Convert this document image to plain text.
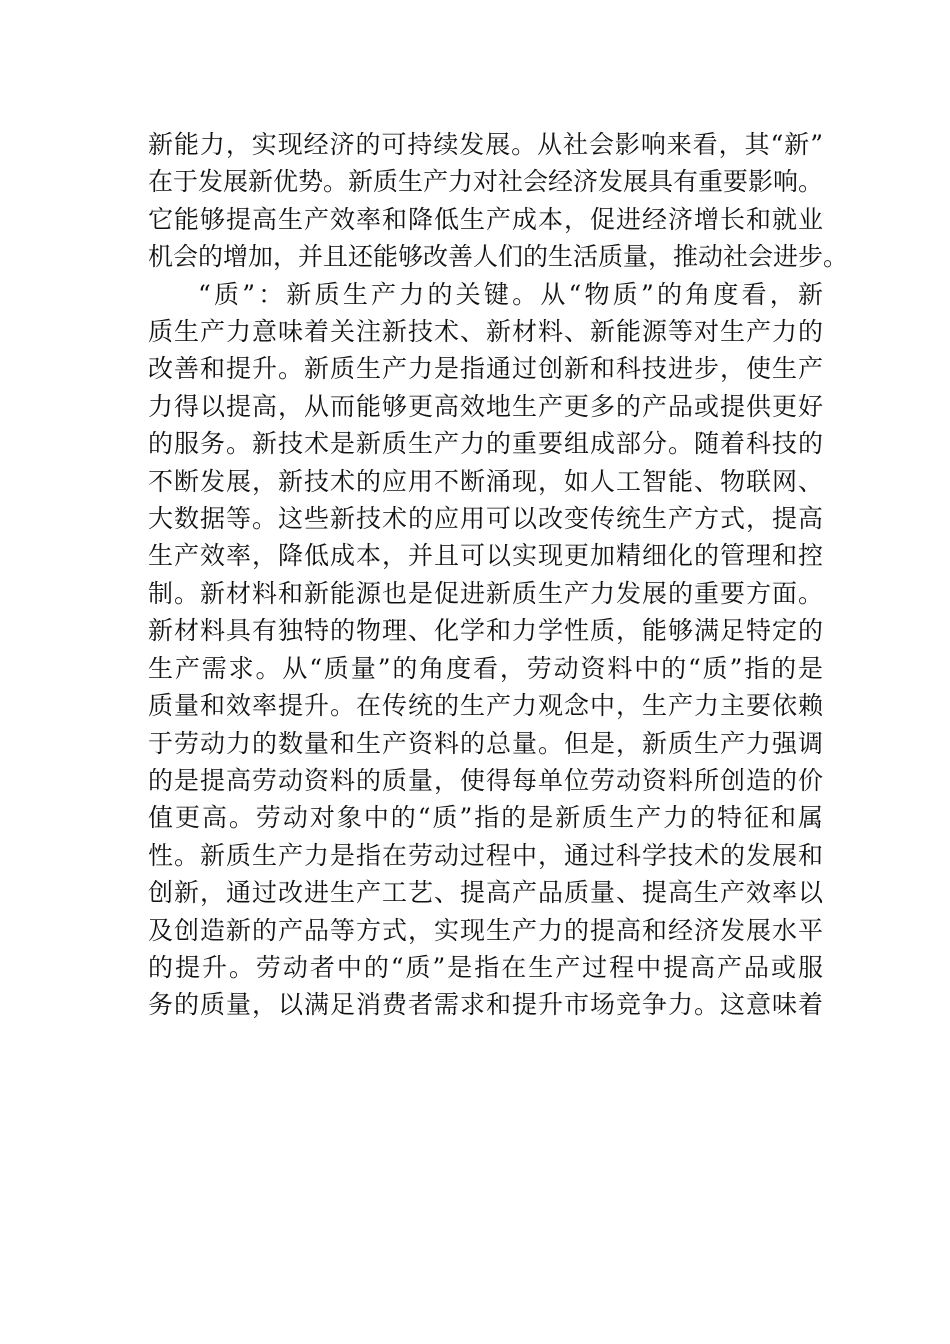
新能力，实现经济的可持续发展。从社会影响来看，其“新”
在于发展新优势。新质生产力对社会经济发展具有重要影响。
它能够提高生产效率和降低生产成本，促进经济增长和就业
机会的增加，并且还能够改善人们的生活质量，推动社会进步。
“质”：新质生产力的关键。从“物质”的角度看，新
质生产力意味着关注新技术、新材料、新能源等对生产力的
改善和提升。新质生产力是指通过创新和科技进步，使生产
力得以提高，从而能够更高效地生产更多的产品或提供更好
的服务。新技术是新质生产力的重要组成部分。随着科技的
不断发展，新技术的应用不断涌现，如人工智能、物联网、
大数据等。这些新技术的应用可以改变传统生产方式，提高
生产效率，降低成本，并且可以实现更加精细化的管理和控
制。新材料和新能源也是促进新质生产力发展的重要方面。
新材料具有独特的物理、化学和力学性质，能够满足特定的
生产需求。从“质量”的角度看，劳动资料中的“质”指的是
质量和效率提升。在传统的生产力观念中，生产力主要依赖
于劳动力的数量和生产资料的总量。但是，新质生产力强调
的是提高劳动资料的质量，使得每单位劳动资料所创造的价
值更高。劳动对象中的“质”指的是新质生产力的特征和属
性。新质生产力是指在劳动过程中，通过科学技术的发展和
创新，通过改进生产工艺、提高产品质量、提高生产效率以
及创造新的产品等方式，实现生产力的提高和经济发展水平
的提升。劳动者中的“质”是指在生产过程中提高产品或服
务的质量，以满足消费者需求和提升市场竞争力。这意味着
